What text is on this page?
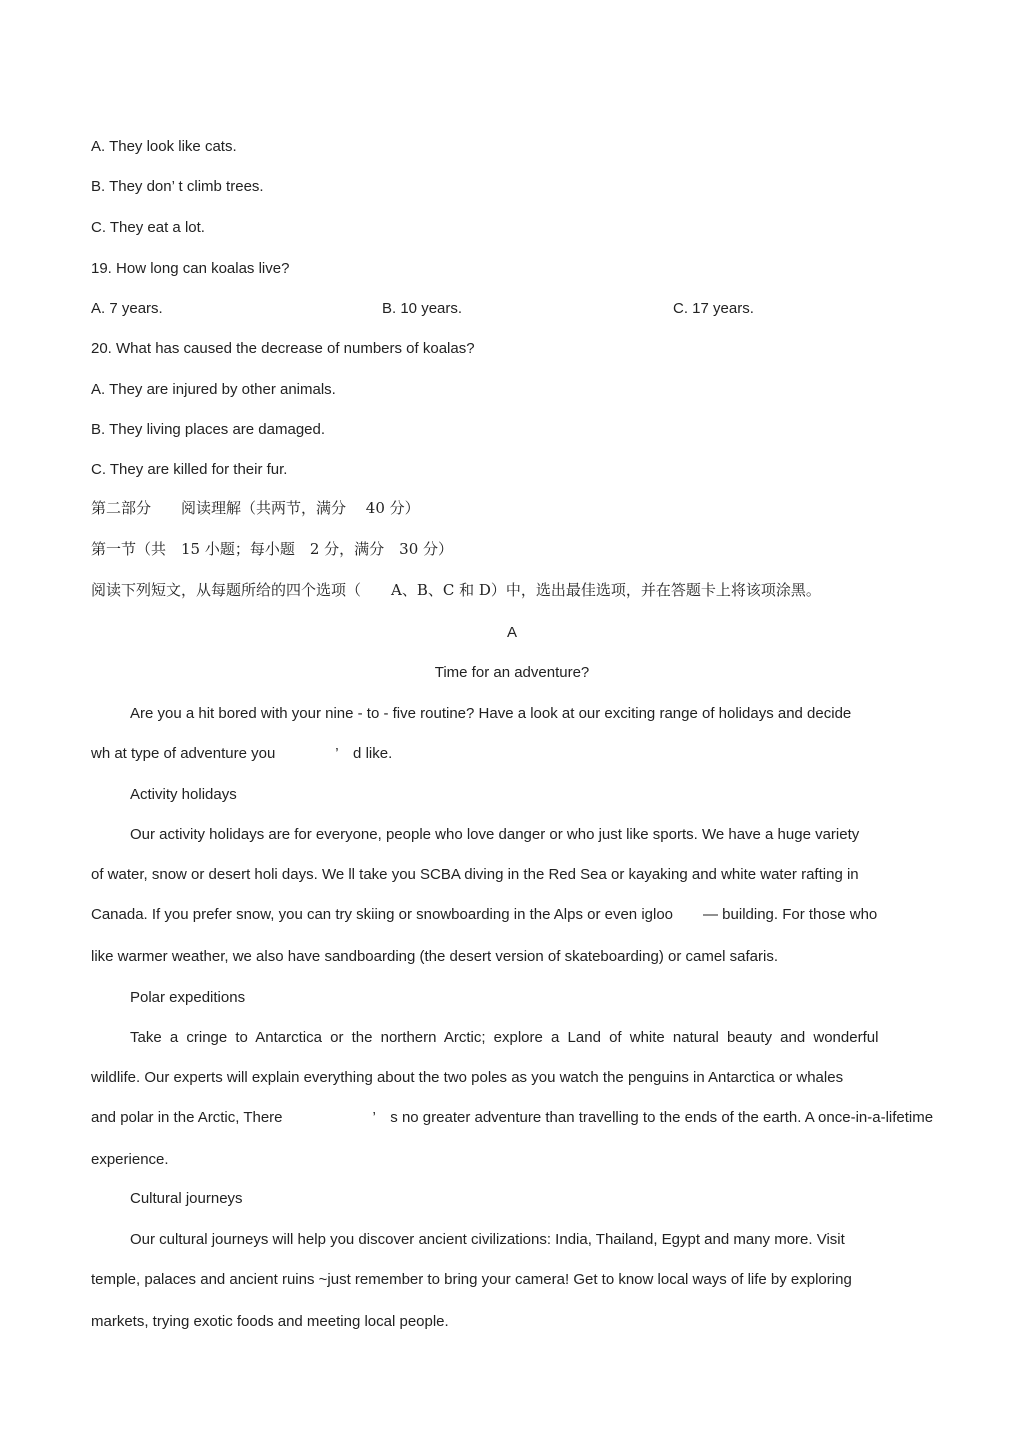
A. They look like cats.
B. They don’ t climb trees.
C. They eat a lot.
19. How long can koalas live?
A. 7 years.	B. 10 years.	C. 17 years.
20. What has caused the decrease of numbers of koalas?
A. They are injured by other animals.
B. They living places are damaged.
C. They are killed for their fur.
第二部分　　阅读理解（共两节，满分　 40 分）
第一节（共　15 小题；每小题　2 分，满分　30 分）
阅读下列短文，从每题所给的四个选项（　　A、B、C 和 D）中，选出最佳选项，并在答题卡上将该项涂黑。
A
Time for an adventure?
Are you a hit bored with your nine - to - five routine? Have a look at our exciting range of holidays and decide
wh at type of adventure you　　　　’　d like.
Activity holidays
Our activity holidays are for everyone, people who love danger or who just like sports. We have a huge variety
of water, snow or desert holi days. We ll take you SCBA diving in the Red Sea or kayaking and white water rafting in
Canada. If you prefer snow, you can try skiing or snowboarding in the Alps or even igloo　　— building. For those who
like warmer weather, we also have sandboarding (the desert version of skateboarding) or camel safaris.
Polar expeditions
Take a cringe to Antarctica or the northern Arctic; explore a Land of white natural beauty and wonderful
wildlife. Our experts will explain everything about the two poles as you watch the penguins in Antarctica or whales
and polar in the Arctic, There　　　　　　’　s no greater adventure than travelling to the ends of the earth. A once-in-a-lifetime
experience.
Cultural journeys
Our cultural journeys will help you discover ancient civilizations: India, Thailand, Egypt and many more. Visit
temple, palaces and ancient ruins ~just remember to bring your camera! Get to know local ways of life by exploring
markets, trying exotic foods and meeting local people.
